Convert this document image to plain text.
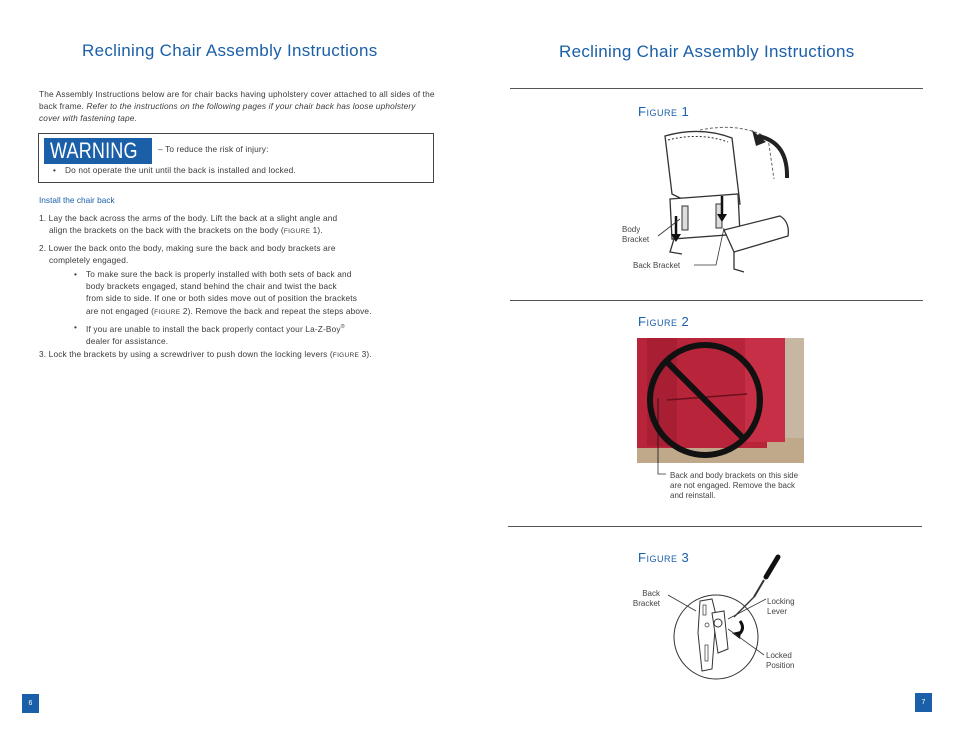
Reclining Chair Assembly Instructions
The Assembly Instructions below are for chair backs having upholstery cover attached to all sides of the back frame. Refer to the instructions on the following pages if your chair back has loose upholstery cover with fastening tape.
WARNING – To reduce the risk of injury:
• Do not operate the unit until the back is installed and locked.
Install the chair back
1. Lay the back across the arms of the body. Lift the back at a slight angle and
align the brackets on the back with the brackets on the body (FIGURE 1).
2. Lower the back onto the body, making sure the back and body brackets are
completely engaged.
• To make sure the back is properly installed with both sets of back and
body brackets engaged, stand behind the chair and twist the back
from side to side. If one or both sides move out of position the brackets
are not engaged (FIGURE 2). Remove the back and repeat the steps above.
• If you are unable to install the back properly contact your La-Z-Boy®
dealer for assistance.
3. Lock the brackets by using a screwdriver to push down the locking levers (FIGURE 3).
6
Reclining Chair Assembly Instructions
Figure 1
Body
Bracket
Back Bracket
Figure 2
Back and body brackets on this side are not engaged. Remove the back and reinstall.
Figure 3
Back
Bracket	Locking
Lever
Locked
Position
7
